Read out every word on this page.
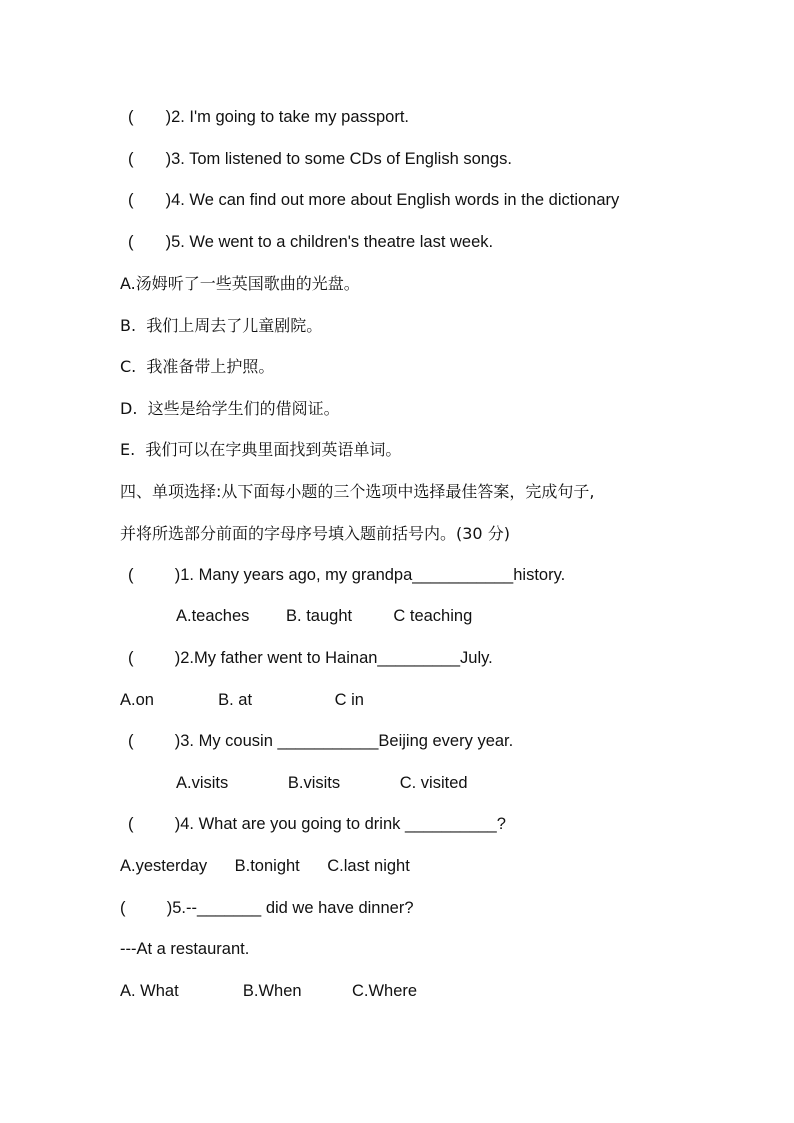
(       )2. I'm going to take my passport.
(       )3. Tom listened to some CDs of English songs.
(       )4. We can find out more about English words in the dictionary
(       )5. We went to a children's theatre last week.
A.汤姆听了一些英国歌曲的光盘。
B.  我们上周去了儿童剧院。
C.  我准备带上护照。
D.  这些是给学生们的借阅证。
E.  我们可以在字典里面找到英语单词。
四、单项选择:从下面每小题的三个选项中选择最佳答案，完成句子,
并将所选部分前面的字母序号填入题前括号内。(30 分)
(         )1. Many years ago, my grandpa___________history.
A.teaches        B. taught         C teaching
(         )2.My father went to Hainan_________July.
A.on              B. at                  C in
(         )3. My cousin ___________Beijing every year.
A.visits             B.visits             C. visited
(         )4. What are you going to drink __________?
A.yesterday      B.tonight      C.last night
(         )5.--_______ did we have dinner?
---At a restaurant.
A. What              B.When           C.Where
